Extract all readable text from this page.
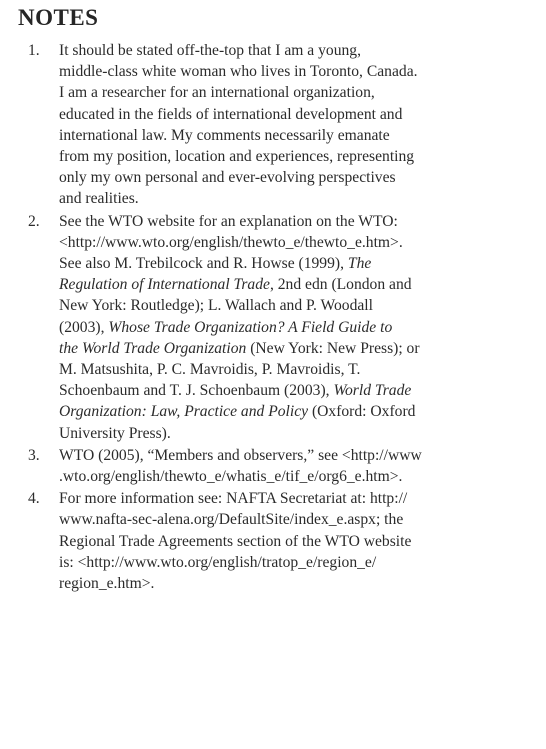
NOTES
1. It should be stated off-the-top that I am a young,
middle-class white woman who lives in Toronto, Canada.
I am a researcher for an international organization,
educated in the fields of international development and
international law. My comments necessarily emanate
from my position, location and experiences, representing
only my own personal and ever-evolving perspectives
and realities.
2. See the WTO website for an explanation on the WTO:
<http://www.wto.org/english/thewto_e/thewto_e.htm>.
See also M. Trebilcock and R. Howse (1999), The
Regulation of International Trade, 2nd edn (London and
New York: Routledge); L. Wallach and P. Woodall
(2003), Whose Trade Organization? A Field Guide to
the World Trade Organization (New York: New Press); or
M. Matsushita, P. C. Mavroidis, P. Mavroidis, T.
Schoenbaum and T. J. Schoenbaum (2003), World Trade
Organization: Law, Practice and Policy (Oxford: Oxford
University Press).
3. WTO (2005), “Members and observers,” see <http://www
.wto.org/english/thewto_e/whatis_e/tif_e/org6_e.htm>.
4. For more information see: NAFTA Secretariat at: http://
www.nafta-sec-alena.org/DefaultSite/index_e.aspx; the
Regional Trade Agreements section of the WTO website
is: <http://www.wto.org/english/tratop_e/region_e/
region_e.htm>.
